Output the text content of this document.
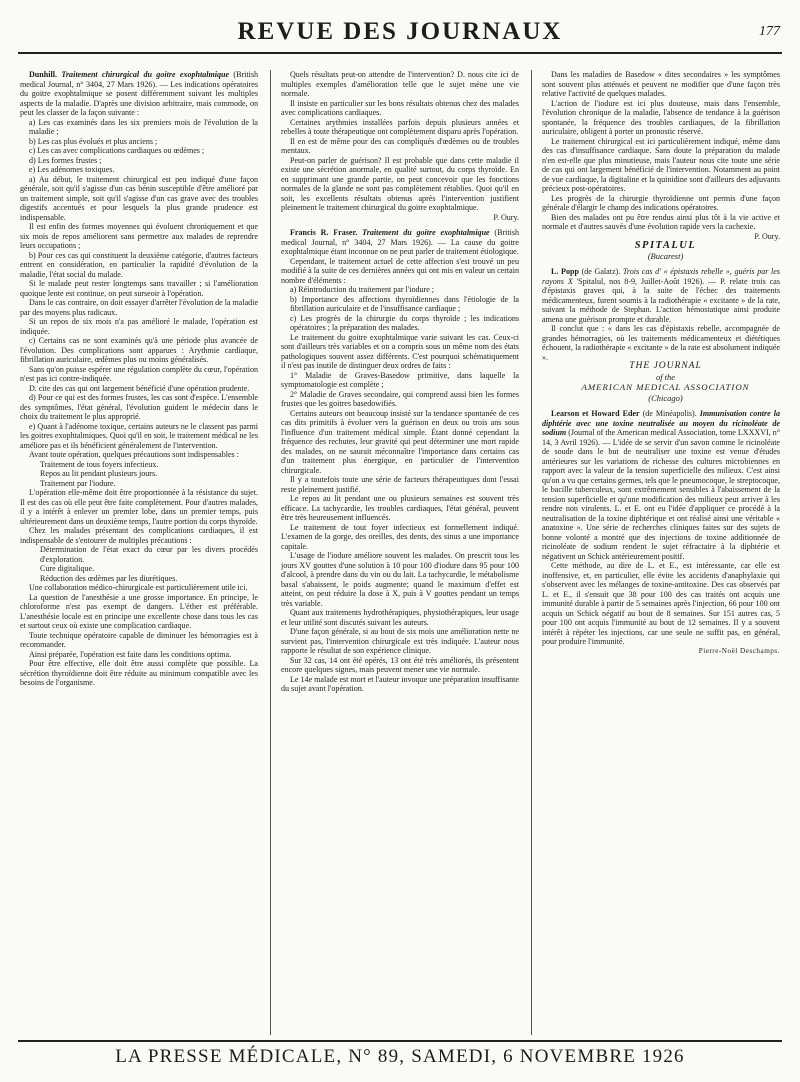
REVUE DES JOURNAUX	177

Dunhill. Traitement chirurgical du goitre exophtalmique (British medical Journal, n° 3404, 27 Mars 1926). — Les indications opératoires du goitre exophtalmique se posent différemment suivant les multiples aspects de la maladie. D'après une division arbitraire, mais commode, on peut les classer de la façon suivante :

a) Les cas examinés dans les six premiers mois de l'évolution de la maladie ;

b) Les cas plus évolués et plus anciens ;

c) Les cas avec complications cardiaques ou œdèmes ;

d) Les formes frustes ;

e) Les adénomes toxiques.

a) Au début, le traitement chirurgical est peu indiqué d'une façon générale, soit qu'il s'agisse d'un cas bénin susceptible d'être amélioré par un traitement simple, soit qu'il s'agisse d'un cas grave avec des troubles digestifs accentués et pour lesquels la plus grande prudence est indispensable.

Il est enfin des formes moyennes qui évoluent chroniquement et que six mois de repos améliorent sans permettre aux malades de reprendre leurs occupations ;

b) Pour ces cas qui constituent la deuxième catégorie, d'autres facteurs entrent en considération, en particulier la rapidité d'évolution de la maladie, l'état social du malade.

Si le malade peut rester longtemps sans travailler ; si l'amélioration quoique lente est continue, on peut surseoir à l'opération.

Dans le cas contraire, on doit essayer d'arrêter l'évolution de la maladie par des moyens plus radicaux.

Si un repos de six mois n'a pas amélioré le malade, l'opération est indiquée.

c) Certains cas ne sont examinés qu'à une période plus avancée de l'évolution. Des complications sont apparues : Arythmie cardiaque, fibrillation auriculaire, œdèmes plus ou moins généralisés.

Sans qu'on puisse espérer une régulation complète du cœur, l'opération n'est pas ici contre-indiquée.

D. cite des cas qui ont largement bénéficié d'une opération prudente.

d) Pour ce qui est des formes frustes, les cas sont d'espèce. L'ensemble des symptômes, l'état général, l'évolution guident le médecin dans le choix du traitement le plus approprié.

e) Quant à l'adénome toxique, certains auteurs ne le classent pas parmi les goitres exophtalmiques. Quoi qu'il en soit, le traitement médical ne les améliore pas et ils bénéficient généralement de l'intervention.

Avant toute opération, quelques précautions sont indispensables :

Traitement de tous foyers infectieux.

Repos au lit pendant plusieurs jours.

Traitement par l'iodure.

L'opération elle-même doit être proportionnée à la résistance du sujet. Il est des cas où elle peut être faite complètement. Pour d'autres malades, il y a intérêt à enlever un premier lobe, dans un premier temps, puis ultérieurement dans un deuxième temps, l'autre portion du corps thyroïde.

Chez les malades présentant des complications cardiaques, il est indispensable de s'entourer de multiples précautions :

Détermination de l'état exact du cœur par les divers procédés d'exploration.

Cure digitalique.

Réduction des œdèmes par les diurétiques.

Une collaboration médico-chirurgicale est particulièrement utile ici.

La question de l'anesthésie a une grosse importance. En principe, le chloroforme n'est pas exempt de dangers. L'éther est préférable. L'anesthésie locale est en principe une excellente chose dans tous les cas et surtout ceux où existe une complication cardiaque.

Toute technique opératoire capable de diminuer les hémorragies est à recommander.

Ainsi préparée, l'opération est faite dans les conditions optima.

Pour être effective, elle doit être aussi complète que possible. La sécrétion thyroïdienne doit être réduite au minimum compatible avec les besoins de l'organisme.

Quels résultats peut-on attendre de l'intervention? D. nous cite ici de multiples exemples d'amélioration telle que le sujet mène une vie normale.

Il insiste en particulier sur les bons résultats obtenus chez des malades avec complications cardiaques.

Certaines arythmies installées parfois depuis plusieurs années et rebelles à toute thérapeutique ont complètement disparu après l'opération.

Il en est de même pour des cas compliqués d'œdèmes ou de troubles mentaux.

Peut-on parler de guérison? Il est probable que dans cette maladie il existe une sécrétion anormale, en qualité surtout, du corps thyroïde. En en supprimant une grande partie, on peut concevoir que les fonctions normales de la glande ne sont pas complètement rétablies. Quoi qu'il en soit, les excellents résultats obtenus après l'intervention justifient pleinement le traitement chirurgical du goitre exophtalmique.

P. Oury.

Francis R. Fraser. Traitement du goitre exophtalmique (British medical Journal, n° 3404, 27 Mars 1926). — La cause du goitre exophtalmique étant inconnue on ne peut parler de traitement étiologique.

Cependant, le traitement actuel de cette affection s'est trouvé un peu modifié à la suite de ces dernières années qui ont mis en valeur un certain nombre d'éléments :

a) Réintroduction du traitement par l'iodure ;

b) Importance des affections thyroïdiennes dans l'étiologie de la fibrillation auriculaire et de l'insuffisance cardiaque ;

c) Les progrès de la chirurgie du corps thyroïde ; les indications opératoires ; la préparation des malades.

Le traitement du goitre exophtalmique varie suivant les cas. Ceux-ci sont d'ailleurs très variables et on a compris sous un même nom des états pathologiques souvent assez différents. C'est pourquoi schématiquement il n'est pas inutile de distinguer deux ordres de faits :

1° Maladie de Graves-Basedow primitive, dans laquelle la symptomatologie est complète ;

2° Maladie de Graves secondaire, qui comprend aussi bien les formes frustes que les goitres basedowifiés.

Certains auteurs ont beaucoup insisté sur la tendance spontanée de ces cas dits primitifs à évoluer vers la guérison en deux ou trois ans sous l'influence d'un traitement médical simple. Étant donné cependant la fréquence des rechutes, leur gravité qui peut déterminer une mort rapide des malades, on ne saurait méconnaître l'importance dans certains cas d'un traitement plus énergique, en particulier de l'intervention chirurgicale.

Il y a toutefois toute une série de facteurs thérapeutiques dont l'essai reste pleinement justifié.

Le repos au lit pendant une ou plusieurs semaines est souvent très efficace. La tachycardie, les troubles cardiaques, l'état général, peuvent être très heureusement influencés.

Le traitement de tout foyer infectieux est formellement indiqué. L'examen de la gorge, des oreilles, des dents, des sinus a une importance capitale.

L'usage de l'iodure améliore souvent les malades. On prescrit tous les jours XV gouttes d'une solution à 10 pour 100 d'iodure dans 95 pour 100 d'alcool, à prendre dans du vin ou du lait. La tachycardie, le métabolisme basal s'abaissent, le poids augmente; quand le maximum d'effet est atteint, on peut réduire la dose à X, puis à V gouttes pendant un temps très variable.

Quant aux traitements hydrothérapiques, physiothérapiques, leur usage et leur utilité sont discutés suivant les auteurs.

D'une façon générale, si au bout de six mois une amélioration nette ne survient pas, l'intervention chirurgicale est très indiquée. L'auteur nous rapporte le résultat de son expérience clinique.

Sur 32 cas, 14 ont été opérés, 13 ont été très améliorés, ils présentent encore quelques signes, mais peuvent mener une vie normale.

Le 14e malade est mort et l'auteur invoque une préparation insuffisante du sujet avant l'opération.

Dans les maladies de Basedow « dites secondaires » les symptômes sont souvent plus atténués et peuvent ne modifier que d'une façon très relative l'activité de quelques malades.

L'action de l'iodure est ici plus douteuse, mais dans l'ensemble, l'évolution chronique de la maladie, l'absence de tendance à la guérison spontanée, la fréquence des troubles cardiaques, de la fibrillation auriculaire, obligent à porter un pronostic réservé.

Le traitement chirurgical est ici particulièrement indiqué, même dans des cas d'insuffisance cardiaque. Sans doute la préparation du malade n'en est-elle que plus minutieuse, mais l'auteur nous cite toute une série de cas qui ont largement bénéficié de l'intervention. Notamment au point de vue cardiaque, la digitaline et la quinidine sont d'ailleurs des adjuvants précieux post-opératoires.

Les progrès de la chirurgie thyroïdienne ont permis d'une façon générale d'élargir le champ des indications opératoires.

Bien des malades ont pu être rendus ainsi plus tôt à la vie active et normale et d'autres sauvés d'une évolution rapide vers la cachexie.

P. Oury.

SPITALUL

(Bucarest)

L. Popp (de Galatz). Trois cas d' « épistaxis rebelle », guéris par les rayons X 'Spitalul, nos 8-9, Juillet-Août 1926). — P. relate trois cas d'épistaxis graves qui, à la suite de l'échec des traitements médicamenteux, furent soumis à la radiothérapie « excitante » de la rate, suivant la méthode de Stephan. L'action hémostatique ainsi produite amena une guérison prompte et durable.

Il conclut que : « dans les cas d'épistaxis rebelle, accompagnée de grandes hémorragies, où les traitements médicamenteux et diététiques échouent, la radiothérapie « excitante » de la rate est absolument indiquée ».

THE JOURNAL

of the

AMERICAN MEDICAL ASSOCIATION

(Chicago)

Learson et Howard Eder (de Minéapolis). Immunisation contre la diphtérie avec une toxine neutralisée au moyen du ricinoléate de sodium (Journal of the American medical Association, tome LXXXVI, n° 14, 3 Avril 1926). — L'idée de se servir d'un savon comme le ricinoléate de soude dans le but de neutraliser une toxine est venue d'études antérieures sur les variations de richesse des cultures microbiennes en rapport avec la valeur de la tension superficielle des milieux. C'est ainsi qu'on a vu que certains germes, tels que le pneumocoque, le streptocoque, le bacille tuberculeux, sont extrêmement sensibles à l'abaissement de la tension superficielle et qu'une modification des milieux peut arriver à les rendre non virulents. L. et E. ont eu l'idée d'appliquer ce procédé à la neutralisation de la toxine diphtérique et ont réalisé ainsi une véritable « anatoxine ». Une série de recherches cliniques faites sur des sujets de bonne volonté a montré que des injections de toxine additionnée de ricinoléate de sodium rendent le sujet réfractaire à la diphtérie et négativent un Schick antérieurement positif.

Cette méthode, au dire de L. et E., est intéressante, car elle est inoffensive, et, en particulier, elle évite les accidents d'anaphylaxie qui s'observent avec les mélanges de toxine-antitoxine. Des cas observés par L. et E., il s'ensuit que 38 pour 100 des cas traités ont acquis une immunité durable à partir de 5 semaines après l'injection, 66 pour 100 ont acquis un Schick négatif au bout de 8 semaines. Sur 151 autres cas, 5 pour 100 ont acquis l'immunité au bout de 12 semaines. Il y a souvent intérêt à répéter les injections, car une seule ne suffit pas, en général, pour produire l'immunité.

Pierre-Noël Deschamps.

LA PRESSE MÉDICALE, N° 89, SAMEDI, 6 NOVEMBRE 1926
